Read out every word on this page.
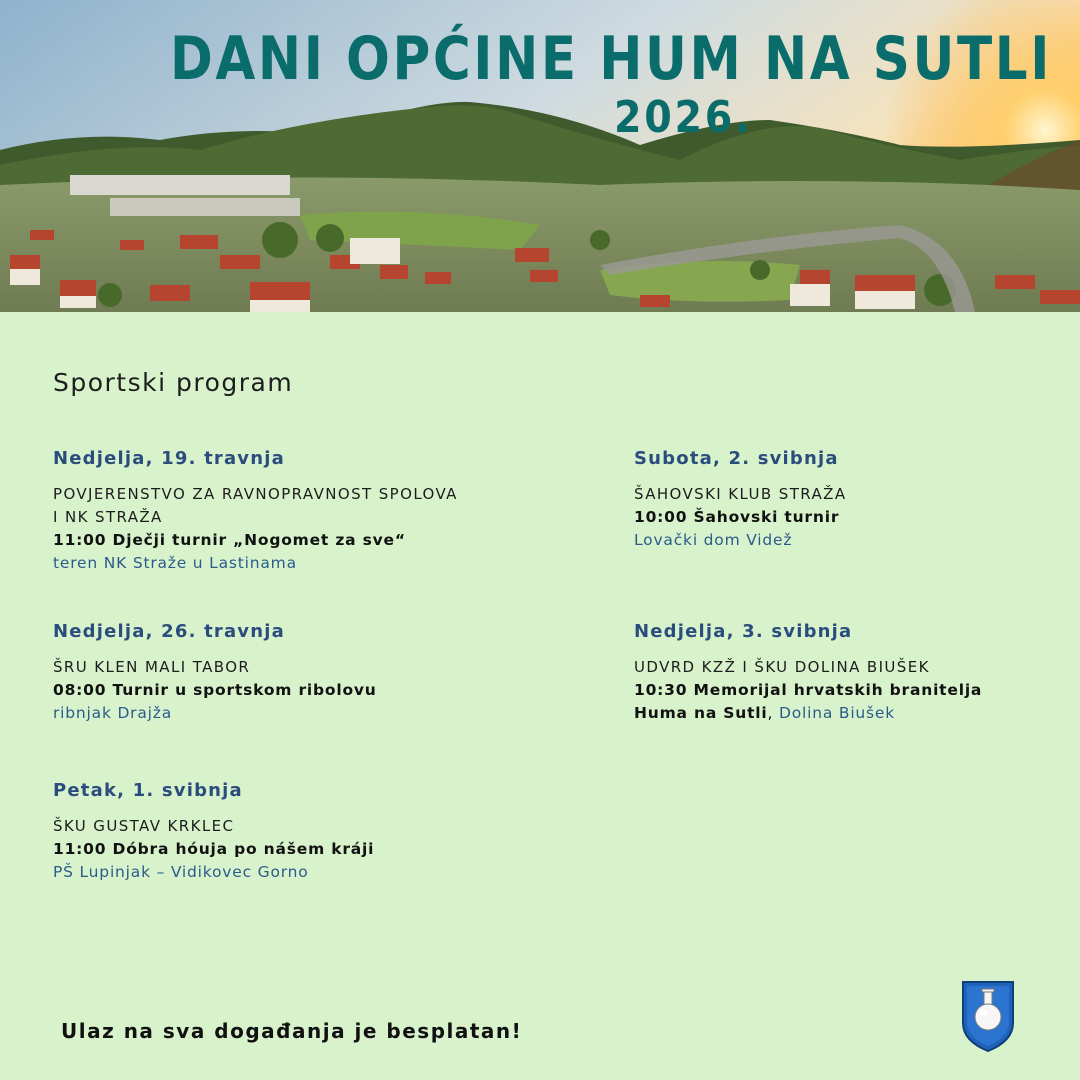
DANI OPĆINE HUM NA SUTLI
2026.
Sportski program
Nedjelja, 19. travnja
POVJERENSTVO ZA RAVNOPRAVNOST SPOLOVA
I NK STRAŽA
11:00 Dječji turnir „Nogomet za sve“
teren NK Straže u Lastinama
Nedjelja, 26. travnja
ŠRU KLEN MALI TABOR
08:00 Turnir u sportskom ribolovu
ribnjak Drajža
Petak, 1. svibnja
ŠKU GUSTAV KRKLEC
11:00 Dóbra hóuja po nášem kráji
PŠ Lupinjak – Vidikovec Gorno
Subota, 2. svibnja
ŠAHOVSKI KLUB STRAŽA
10:00 Šahovski turnir
Lovački dom Videž
Nedjelja, 3. svibnja
UDVRD KZŽ I ŠKU DOLINA BIUŠEK
10:30 Memorijal hrvatskih branitelja
Huma na Sutli, Dolina Biušek
Ulaz na sva događanja je besplatan!
